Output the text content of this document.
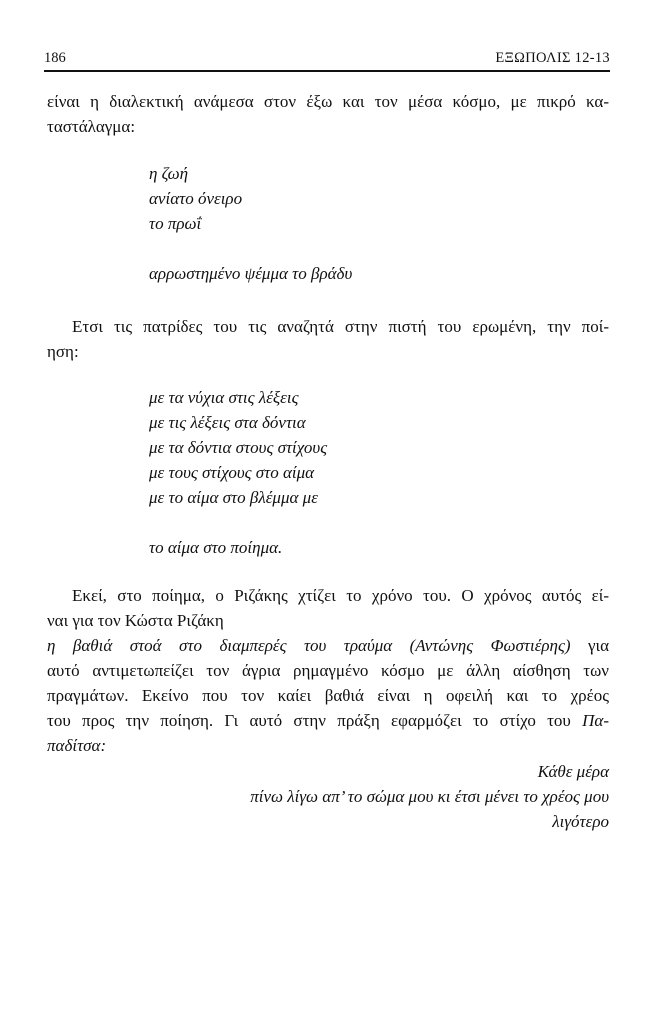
186	ΕΞΩΠΟΛΙΣ 12-13
είναι η διαλεκτική ανάμεσα στον έξω και τον μέσα κόσμο, με πικρό κα-
ταστάλαγμα:
η ζωή
ανίατο όνειρο
το πρωΐ
αρρωστημένο ψέμμα το βράδυ
Ετσι τις πατρίδες του τις αναζητά στην πιστή του ερωμένη, την ποί-
ηση:
με τα νύχια στις λέξεις
με τις λέξεις στα δόντια
με τα δόντια στους στίχους
με τους στίχους στο αίμα
με το αίμα στο βλέμμα με
το αίμα στο ποίημα.
Εκεί, στο ποίημα, ο Ριζάκης χτίζει το χρόνο του. Ο χρόνος αυτός εί-
ναι για τον Κώστα Ριζάκη
η βαθιά στοά στο διαμπερές του τραύμα (Αντώνης Φωστιέρης) για
αυτό αντιμετωπείζει τον άγρια ρημαγμένο κόσμο με άλλη αίσθηση των
πραγμάτων. Εκείνο που τον καίει βαθιά είναι η οφειλή και το χρέος
του προς την ποίηση. Γι αυτό στην πράξη εφαρμόζει το στίχο του Πα-
παδίτσα:
Κάθε μέρα
πίνω λίγω απ’ το σώμα μου κι έτσι μένει το χρέος μου
λιγότερο
